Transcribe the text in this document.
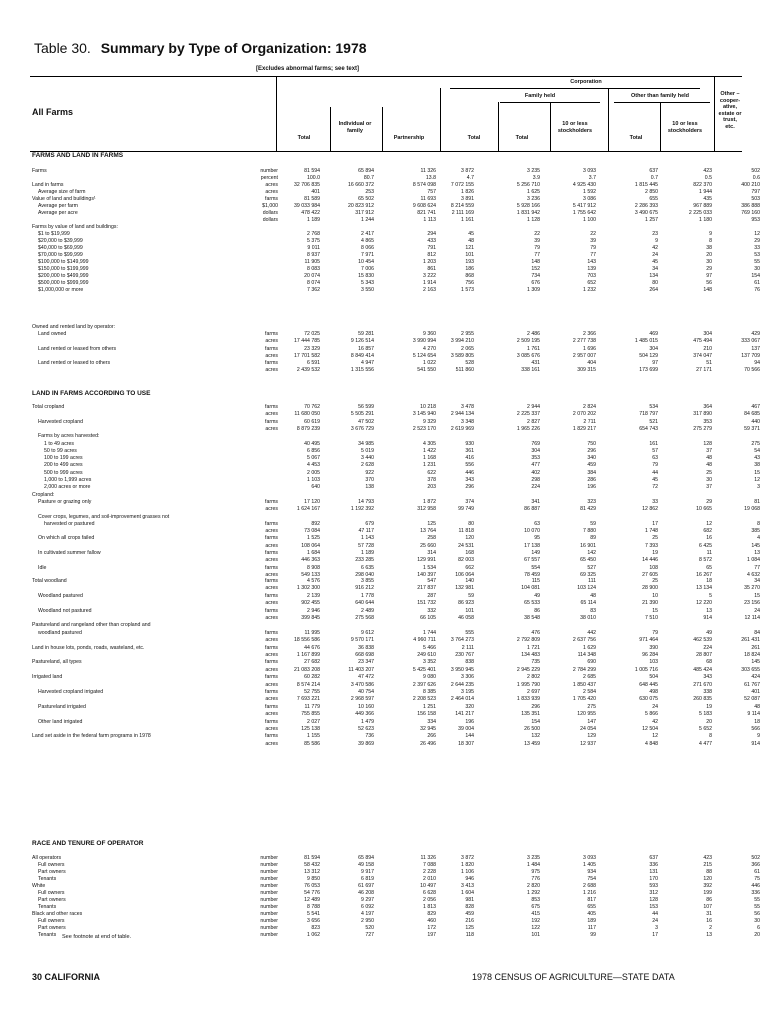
Table 30. Summary by Type of Organization: 1978
[Excludes abnormal farms; see text]
All Farms
Corporation
Family held	Other than family held	Other – cooperative, estate or trust, etc.
Total
Individual or family
Partnership	Total	Total
10 or less stockholders
Total
10 or less stockholders
FARMS AND LAND IN FARMS
Farms	number	81 594	65 894	11 326	3 872	3 235	3 093	637	423	502
percent	100.0	80.7	13.8	4.7	3.9	3.7	0.7	0.5	0.6
Land in farms	acres	32 706 835	16 660 372	8 574 098	7 072 155	5 256 710	4 925 430	1 815 445	822 370	400 210
Average size of farm	acres	401	253	757	1 826	1 625	1 592	2 850	1 944	797
Value of land and buildings¹	farms	81 589	65 502	11 693	3 891	3 236	3 086	655	435	503
Average per farm	$1,000	39 033 984	20 823 912	9 608 624	8 214 559	5 928 166	5 417 912	2 286 393	967 889	386 888
Average per acre	dollars	478 422	317 912	821 741	2 111 169	1 831 942	1 755 642	3 490 675	2 225 033	769 160
dollars	1 189	1 244	1 113	1 161	1 128	1 100	1 257	1 180	953
Farms by value of land and buildings:
$1 to $19,999	2 768	2 417	294	45	22	22	23	9	12
$20,000 to $39,999	5 375	4 865	433	48	39	39	9	8	29
$40,000 to $69,999	9 011	8 066	791	121	79	79	42	38	33
$70,000 to $99,999	8 937	7 971	812	101	77	77	24	20	53
$100,000 to $149,999	11 905	10 454	1 203	193	148	143	45	30	55
$150,000 to $199,999	8 083	7 006	861	186	152	139	34	29	30
$200,000 to $499,999	20 074	15 830	3 222	868	734	703	134	97	154
$500,000 to $999,999	8 074	5 343	1 914	756	676	652	80	56	61
$1,000,000 or more	7 362	3 550	2 163	1 573	1 309	1 232	264	148	76
Owned and rented land by operator:
Land owned	farms	72 025	59 281	9 360	2 955	2 486	2 366	469	304	429
acres	17 444 785	9 126 514	3 990 994	3 994 210	2 509 195	2 277 738	1 485 015	475 494	333 067
Land rented or leased from others	farms	23 329	16 857	4 270	2 065	1 761	1 696	304	210	137
acres	17 701 582	8 849 414	5 124 654	3 589 805	3 085 676	2 957 007	504 129	374 047	137 709
Land rented or leased to others	farms	6 591	4 947	1 022	528	431	404	97	51	94
acres	2 439 532	1 315 556	541 550	511 860	338 161	309 315	173 699	27 171	70 566
LAND IN FARMS ACCORDING TO USE
Total cropland	farms	70 762	56 599	10 218	3 478	2 944	2 824	534	364	467
acres	11 680 050	5 505 291	3 145 940	2 944 134	2 225 337	2 070 202	718 797	317 890	84 685
Harvested cropland	farms	60 619	47 502	9 329	3 348	2 827	2 711	521	353	440
acres	8 879 239	3 676 729	2 523 170	2 619 969	1 965 226	1 829 217	654 743	275 279	59 371
Farms by acres harvested:
1 to 49 acres	40 495	34 985	4 305	930	769	750	161	128	275
50 to 99 acres	6 856	5 019	1 422	361	304	296	57	37	54
100 to 199 acres	5 067	3 440	1 168	416	353	340	63	48	43
200 to 499 acres	4 453	2 628	1 231	556	477	459	79	48	38
500 to 999 acres	2 005	922	622	446	402	384	44	25	15
1,000 to 1,999 acres	1 103	370	378	343	298	286	45	30	12
2,000 acres or more	640	138	203	296	224	196	72	37	3
Cropland:
Pasture or grazing only	farms	17 120	14 793	1 872	374	341	323	33	29	81
acres	1 624 167	1 192 392	312 958	99 749	86 887	81 429	12 862	10 665	19 068
Cover crops, legumes, and soil-improvement grasses not
harvested or pastured	farms	892	679	125	80	63	59	17	12	8
acres	73 084	47 117	13 764	11 818	10 070	7 880	1 748	682	385
On which all crops failed	farms	1 525	1 143	258	120	95	89	25	16	4
acres	108 064	57 728	25 660	24 531	17 138	16 901	7 393	6 425	145
In cultivated summer fallow	farms	1 684	1 189	314	168	149	142	19	11	13
acres	446 363	233 285	129 991	82 003	67 557	65 450	14 446	8 572	1 084
Idle	farms	8 908	6 635	1 534	662	554	527	108	65	77
acres	549 133	298 040	140 397	106 064	78 459	69 325	27 605	16 267	4 632
Total woodland	farms	4 576	3 855	547	140	115	111	25	18	34
acres	1 302 300	916 212	217 837	132 981	104 081	103 124	28 900	13 134	35 270
Woodland pastured	farms	2 139	1 778	287	59	49	48	10	5	15
acres	902 455	640 644	151 732	86 923	65 533	65 114	21 390	12 220	23 156
Woodland not pastured	farms	2 946	2 489	332	101	86	83	15	13	24
acres	399 845	275 568	66 105	46 058	38 548	38 010	7 510	914	12 114
Pastureland and rangeland other than cropland and
woodland pastured	farms	11 995	9 612	1 744	555	476	442	79	49	84
acres	18 556 586	9 570 171	4 960 711	3 764 273	2 792 809	2 637 756	971 464	462 539	261 431
Land in house lots, ponds, roads, wasteland, etc.	farms	44 676	36 838	5 466	2 111	1 721	1 629	390	224	261
acres	1 167 899	668 698	249 610	230 767	134 483	114 348	96 284	28 807	18 824
Pastureland, all types	farms	27 682	23 347	3 352	838	735	690	103	68	145
acres	21 083 208	11 403 207	5 425 401	3 950 945	2 945 229	2 784 299	1 005 716	485 424	303 655
Irrigated land	farms	60 282	47 472	9 080	3 306	2 802	2 685	504	343	424
acres	8 574 214	3 470 586	2 397 626	2 644 235	1 995 790	1 850 437	648 445	271 670	61 767
Harvested cropland irrigated	farms	52 755	40 754	8 385	3 195	2 697	2 584	498	338	401
acres	7 693 221	2 968 597	2 208 523	2 464 014	1 833 939	1 705 420	630 075	260 835	52 087
Pastureland irrigated	farms	11 779	10 160	1 251	320	296	275	24	19	48
acres	755 855	449 366	156 158	141 217	135 351	120 955	5 866	5 183	9 114
Other land irrigated	farms	2 027	1 479	334	196	154	147	42	20	18
acres	125 138	52 623	32 945	39 004	26 500	24 054	12 504	5 652	566
Land set aside in the federal farm programs in 1978	farms	1 155	736	266	144	132	129	12	8	9
acres	85 586	39 869	26 496	18 307	13 459	12 937	4 848	4 477	914
RACE AND TENURE OF OPERATOR
All operators	number	81 594	65 894	11 326	3 872	3 235	3 093	637	423	502
Full owners	number	58 432	49 158	7 088	1 820	1 484	1 405	336	215	366
Part owners	number	13 312	9 917	2 228	1 106	975	934	131	88	61
Tenants	number	9 850	6 819	2 010	946	776	754	170	120	75
White	number	76 053	61 697	10 497	3 413	2 820	2 688	593	392	446
Full owners	number	54 776	46 208	6 628	1 604	1 292	1 216	312	199	336
Part owners	number	12 489	9 297	2 056	981	853	817	128	86	55
Tenants	number	8 788	6 092	1 813	828	675	655	153	107	55
Black and other races	number	5 541	4 197	829	459	415	405	44	31	56
Full owners	number	3 656	2 950	460	216	192	189	24	16	30
Part owners	number	823	520	172	125	122	117	3	2	6
Tenants	number	1 062	727	197	118	101	99	17	13	20
See footnote at end of table.
30 CALIFORNIA	1978 CENSUS OF AGRICULTURE—STATE DATA
